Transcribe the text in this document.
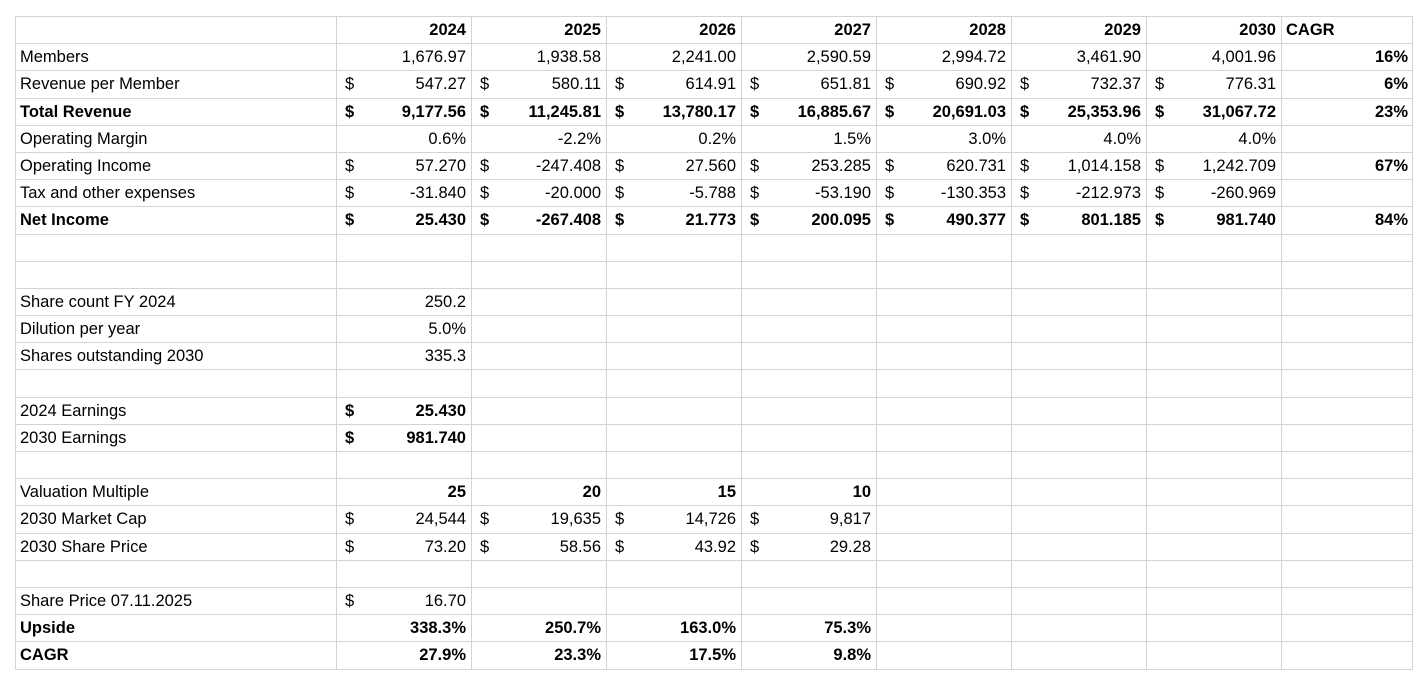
	2024	2025	2026	2027	2028	2029	2030	CAGR
Members	1,676.97	1,938.58	2,241.00	2,590.59	2,994.72	3,461.90	4,001.96	16%
Revenue per Member	$ 547.27	$ 580.11	$ 614.91	$ 651.81	$ 690.92	$ 732.37	$ 776.31	6%
Total Revenue	$ 9,177.56	$ 11,245.81	$ 13,780.17	$ 16,885.67	$ 20,691.03	$ 25,353.96	$ 31,067.72	23%
Operating Margin	0.6%	-2.2%	0.2%	1.5%	3.0%	4.0%	4.0%	

Operating Income	$ 57.270	$ -247.408	$ 27.560	$ 253.285	$ 620.731	$ 1,014.158	$ 1,242.709	67%
Tax and other expenses	$ -31.840	$ -20.000	$ -5.788	$ -53.190	$ -130.353	$ -212.973	$ -260.969	

Net Income	$ 25.430	$ -267.408	$ 21.773	$ 200.095	$ 490.377	$ 801.185	$ 981.740	84%

Share count FY 2024	250.2							

Dilution per year	5.0%							

Shares outstanding 2030	335.3							

2024 Earnings	$ 25.430							

2030 Earnings	$ 981.740							

Valuation Multiple	25	20	15	10				

2030 Market Cap	$ 24,544	$ 19,635	$ 14,726	$ 9,817				

2030 Share Price	$ 73.20	$ 58.56	$ 43.92	$ 29.28				

Share Price 07.11.2025	$ 16.70							

Upside	338.3%	250.7%	163.0%	75.3%				

CAGR	27.9%	23.3%	17.5%	9.8%				
